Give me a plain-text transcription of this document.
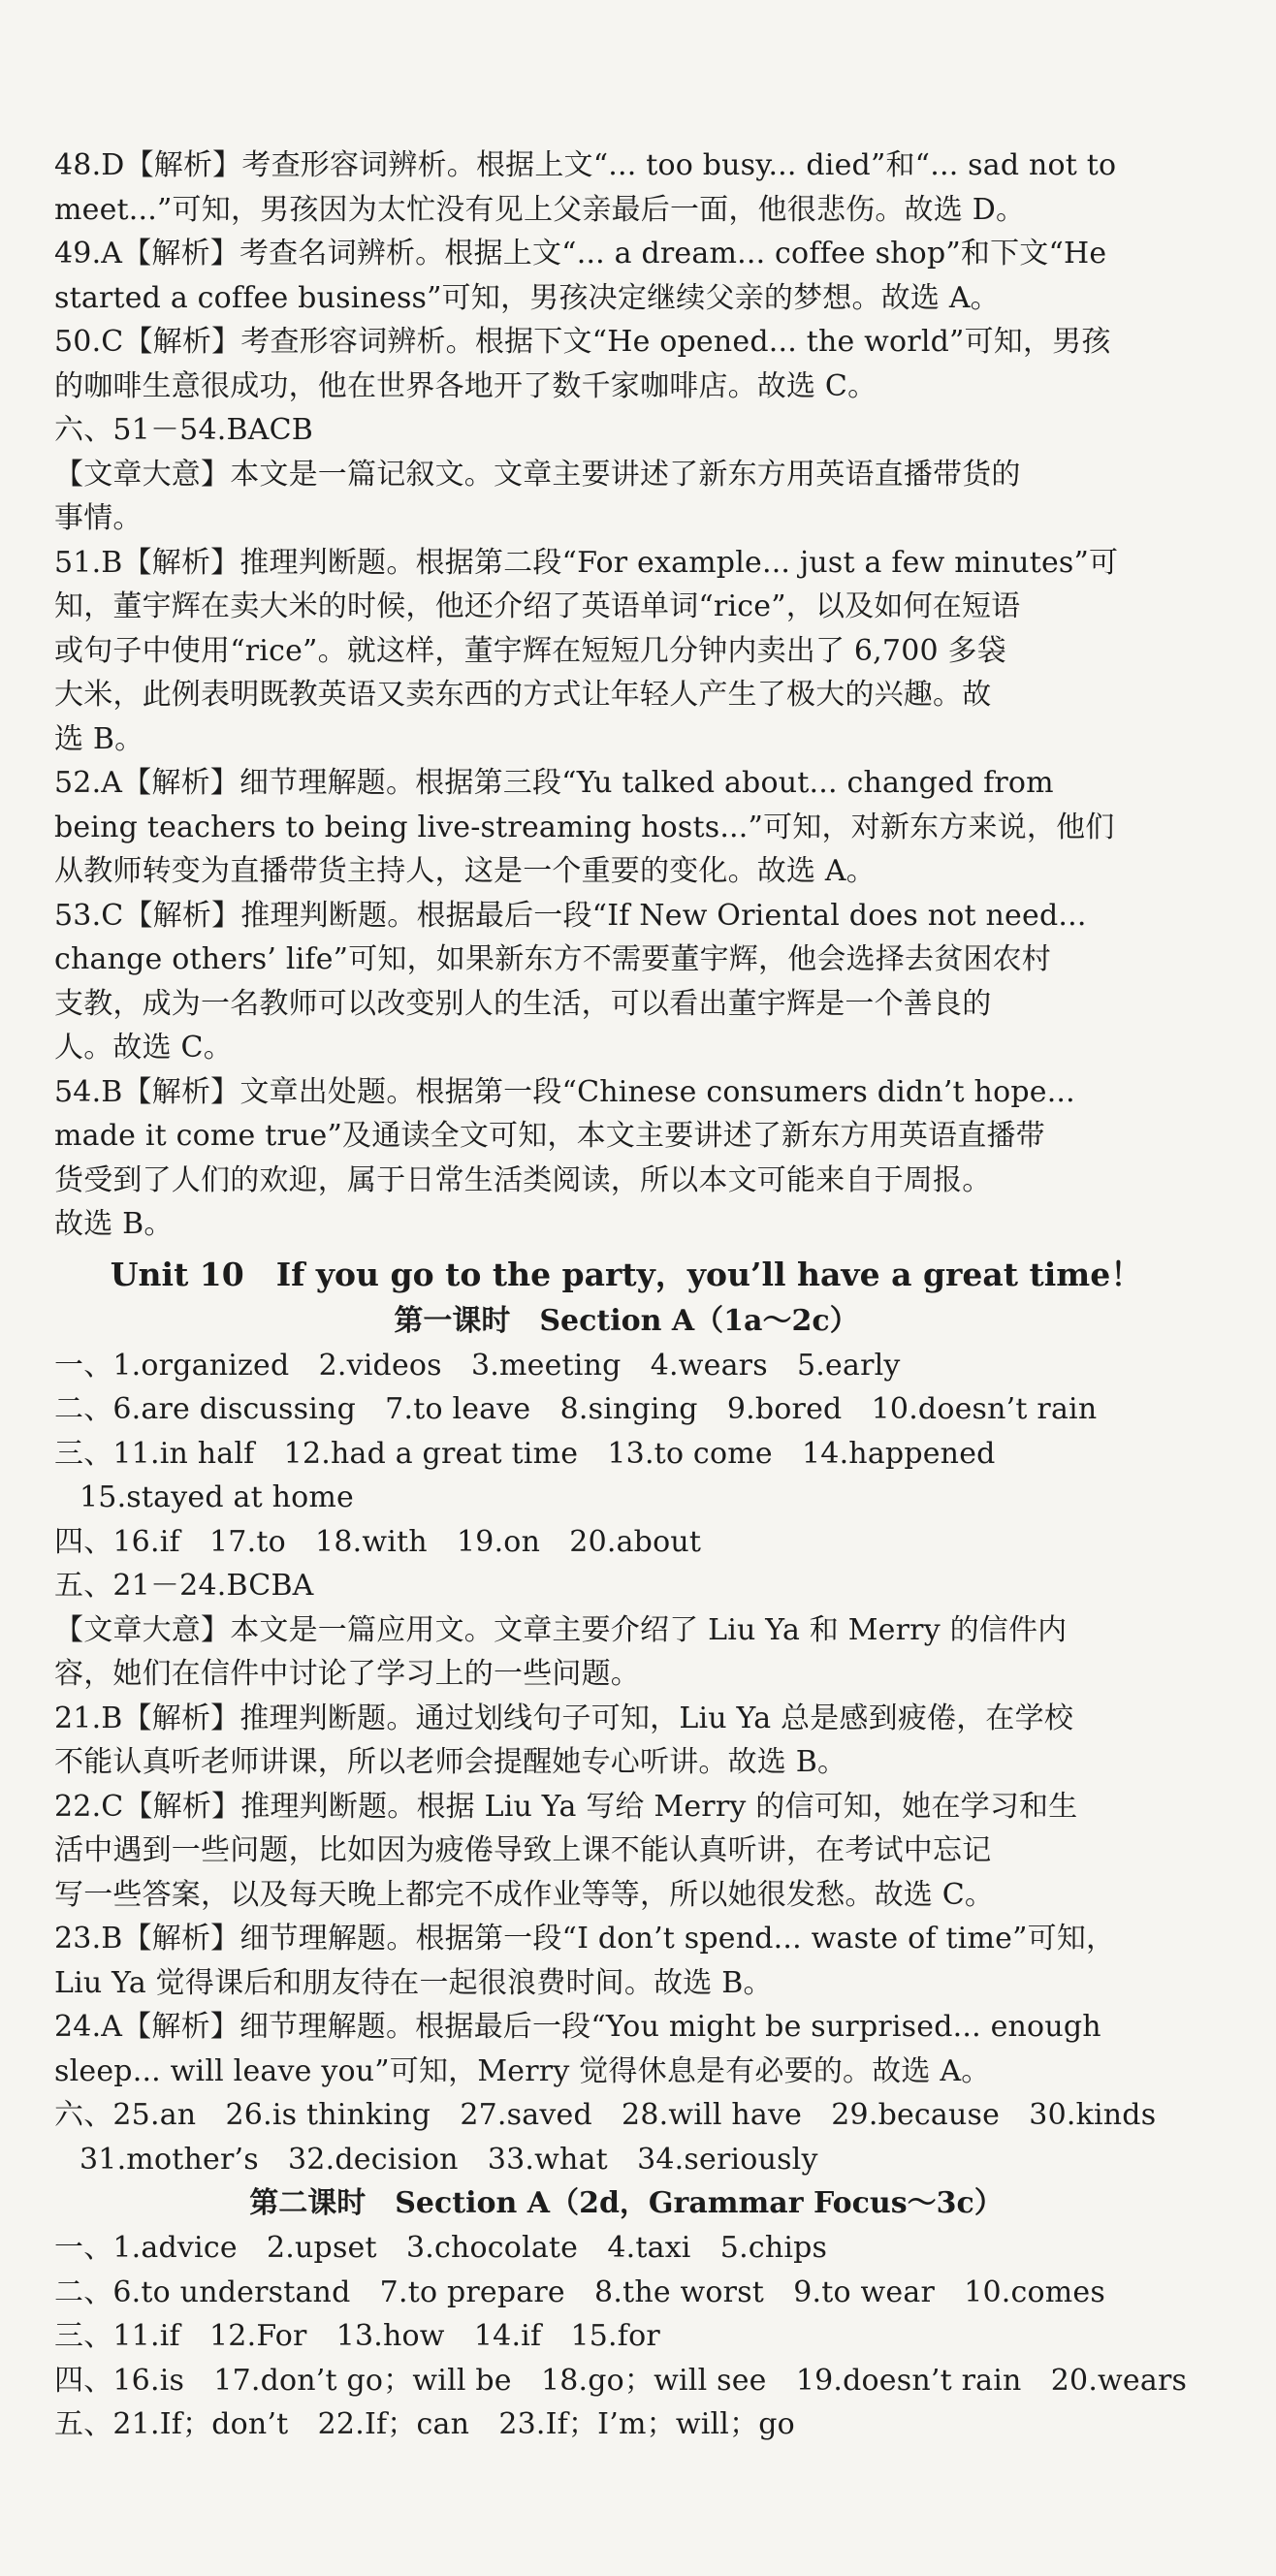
48.D【解析】考查形容词辨析。根据上文“... too busy... died”和“... sad not to
meet...”可知，男孩因为太忙没有见上父亲最后一面，他很悲伤。故选 D。
49.A【解析】考查名词辨析。根据上文“... a dream... coffee shop”和下文“He
started a coffee business”可知，男孩决定继续父亲的梦想。故选 A。
50.C【解析】考查形容词辨析。根据下文“He opened... the world”可知，男孩
的咖啡生意很成功，他在世界各地开了数千家咖啡店。故选 C。
六、51－54.BACB
【文章大意】本文是一篇记叙文。文章主要讲述了新东方用英语直播带货的
事情。
51.B【解析】推理判断题。根据第二段“For example... just a few minutes”可
知，董宇辉在卖大米的时候，他还介绍了英语单词“rice”，以及如何在短语
或句子中使用“rice”。就这样，董宇辉在短短几分钟内卖出了 6,700 多袋
大米，此例表明既教英语又卖东西的方式让年轻人产生了极大的兴趣。故
选 B。
52.A【解析】细节理解题。根据第三段“Yu talked about... changed from
being teachers to being live-streaming hosts...”可知，对新东方来说，他们
从教师转变为直播带货主持人，这是一个重要的变化。故选 A。
53.C【解析】推理判断题。根据最后一段“If New Oriental does not need...
change others’ life”可知，如果新东方不需要董宇辉，他会选择去贫困农村
支教，成为一名教师可以改变别人的生活，可以看出董宇辉是一个善良的
人。故选 C。
54.B【解析】文章出处题。根据第一段“Chinese consumers didn’t hope...
made it come true”及通读全文可知，本文主要讲述了新东方用英语直播带
货受到了人们的欢迎，属于日常生活类阅读，所以本文可能来自于周报。
故选 B。
Unit 10　If you go to the party，you’ll have a great time！
第一课时　Section A（1a～2c）
一、1.organized　2.videos　3.meeting　4.wears　5.early
二、6.are discussing　7.to leave　8.singing　9.bored　10.doesn’t rain
三、11.in half　12.had a great time　13.to come　14.happened
15.stayed at home
四、16.if　17.to　18.with　19.on　20.about
五、21－24.BCBA
【文章大意】本文是一篇应用文。文章主要介绍了 Liu Ya 和 Merry 的信件内
容，她们在信件中讨论了学习上的一些问题。
21.B【解析】推理判断题。通过划线句子可知，Liu Ya 总是感到疲倦，在学校
不能认真听老师讲课，所以老师会提醒她专心听讲。故选 B。
22.C【解析】推理判断题。根据 Liu Ya 写给 Merry 的信可知，她在学习和生
活中遇到一些问题，比如因为疲倦导致上课不能认真听讲，在考试中忘记
写一些答案，以及每天晚上都完不成作业等等，所以她很发愁。故选 C。
23.B【解析】细节理解题。根据第一段“I don’t spend... waste of time”可知，
Liu Ya 觉得课后和朋友待在一起很浪费时间。故选 B。
24.A【解析】细节理解题。根据最后一段“You might be surprised... enough
sleep... will leave you”可知，Merry 觉得休息是有必要的。故选 A。
六、25.an　26.is thinking　27.saved　28.will have　29.because　30.kinds
31.mother’s　32.decision　33.what　34.seriously
第二课时　Section A（2d，Grammar Focus～3c）
一、1.advice　2.upset　3.chocolate　4.taxi　5.chips
二、6.to understand　7.to prepare　8.the worst　9.to wear　10.comes
三、11.if　12.For　13.how　14.if　15.for
四、16.is　17.don’t go；will be　18.go；will see　19.doesn’t rain　20.wears
五、21.If；don’t　22.If；can　23.If；I’m；will；go
